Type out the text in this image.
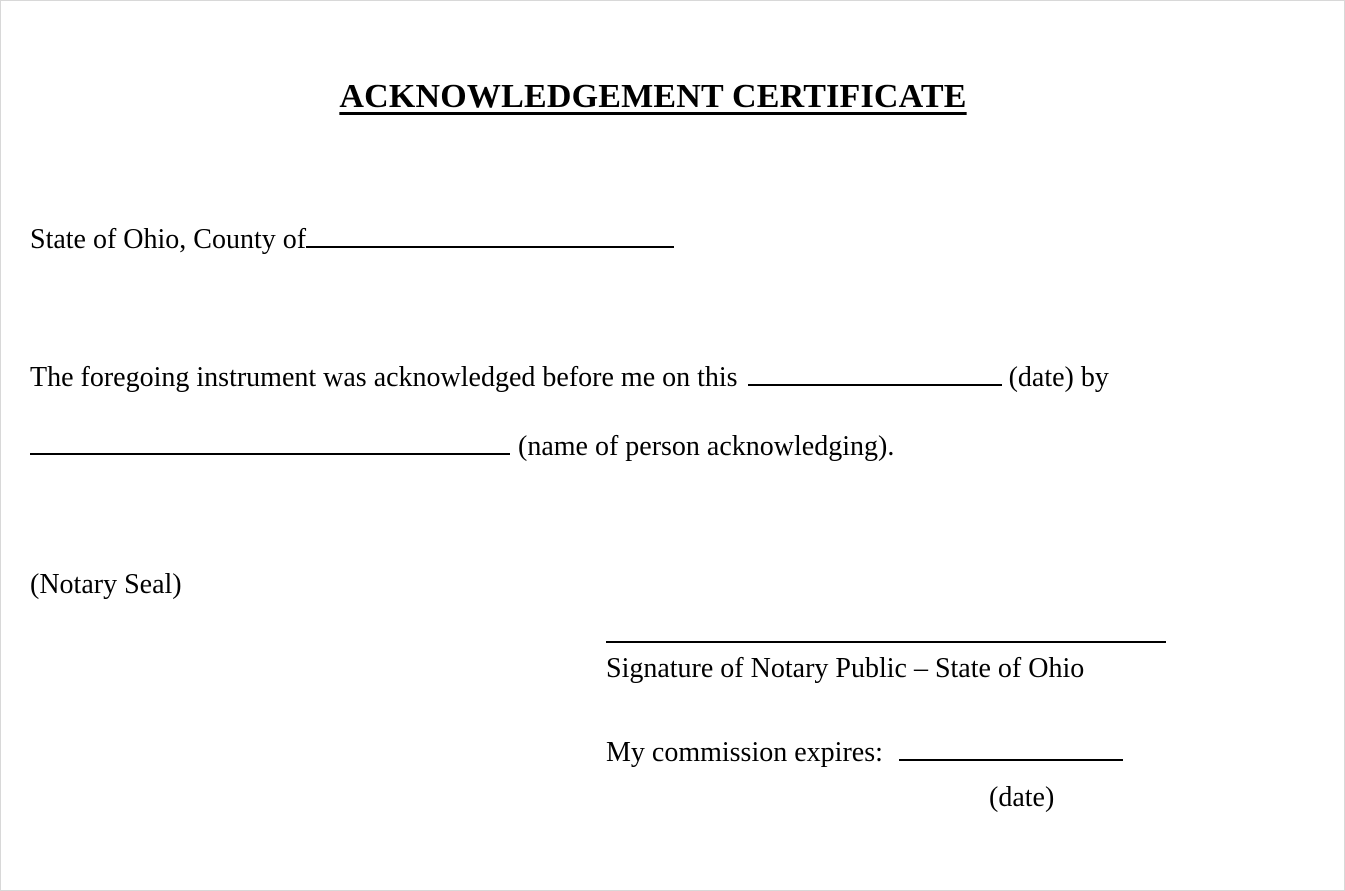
ACKNOWLEDGEMENT CERTIFICATE
State of Ohio, County of
The foregoing instrument was acknowledged before me on this	(date) by
(name of person acknowledging).
(Notary Seal)
Signature of Notary Public – State of Ohio
My commission expires:
(date)
